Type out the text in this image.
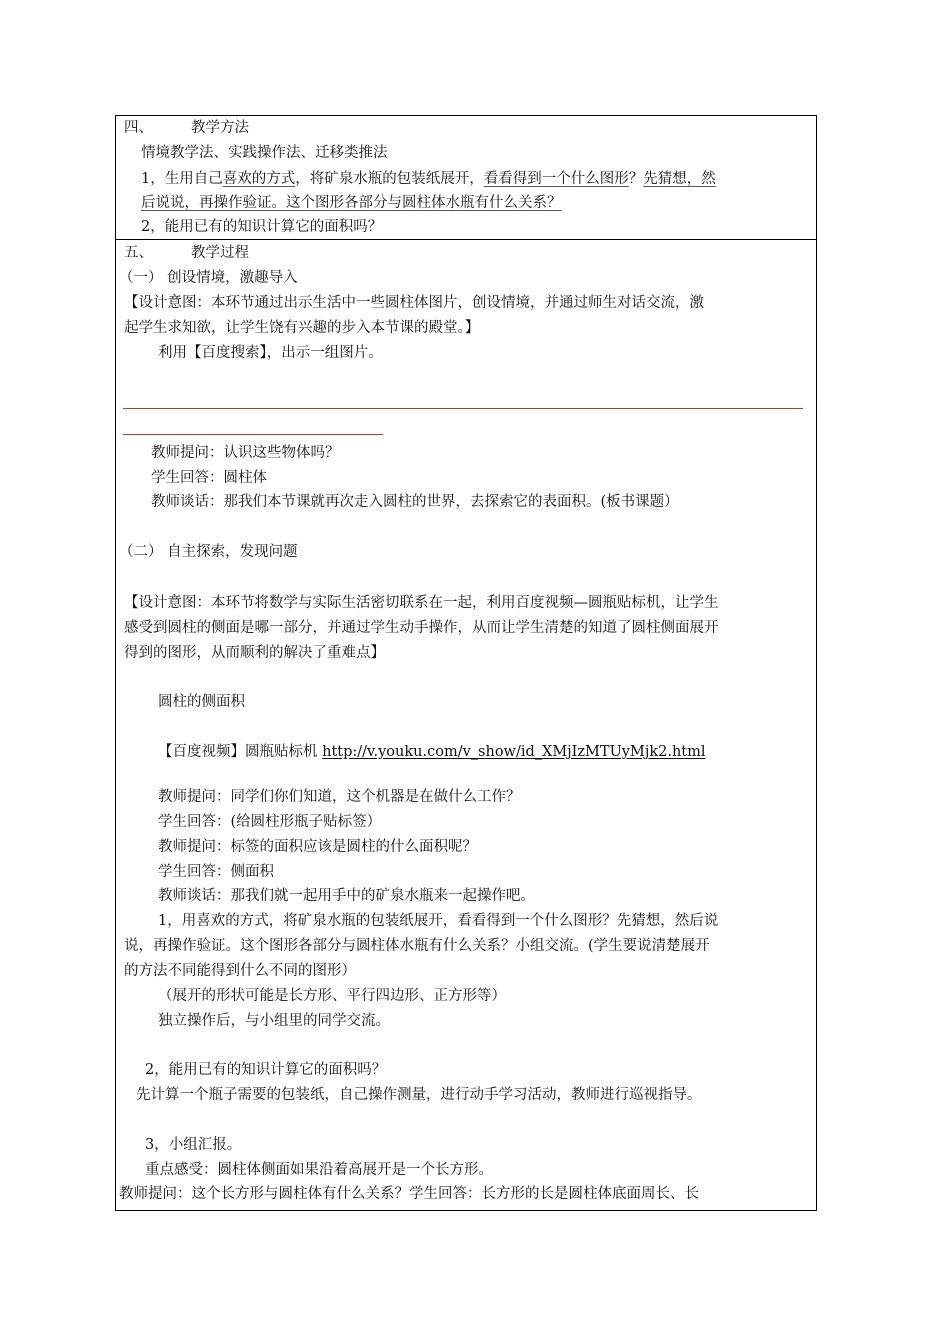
四、	教学方法
情境教学法、实践操作法、迁移类推法
1，生用自己喜欢的方式，将矿泉水瓶的包装纸展开，看看得到一个什么图形？先猜想，然
后说说，再操作验证。这个图形各部分与圆柱体水瓶有什么关系？
2，能用已有的知识计算它的面积吗？
五、	教学过程
（一） 创设情境，激趣导入
【设计意图：本环节通过出示生活中一些圆柱体图片，创设情境，并通过师生对话交流，激
起学生求知欲，让学生饶有兴趣的步入本节课的殿堂。】
利用【百度搜索】，出示一组图片。
教师提问：认识这些物体吗？
学生回答：圆柱体
教师谈话：那我们本节课就再次走入圆柱的世界，去探索它的表面积。(板书课题）
（二） 自主探索，发现问题
【设计意图：本环节将数学与实际生活密切联系在一起，利用百度视频—圆瓶贴标机，让学生
感受到圆柱的侧面是哪一部分，并通过学生动手操作，从而让学生清楚的知道了圆柱侧面展开
得到的图形，从而顺利的解决了重难点】
圆柱的侧面积
【百度视频】圆瓶贴标机 http://v.youku.com/v_show/id_XMjIzMTUyMjk2.html
教师提问：同学们你们知道，这个机器是在做什么工作？
学生回答：(给圆柱形瓶子贴标签）
教师提问：标签的面积应该是圆柱的什么面积呢？
学生回答：侧面积
教师谈话：那我们就一起用手中的矿泉水瓶来一起操作吧。
1，用喜欢的方式，将矿泉水瓶的包装纸展开，看看得到一个什么图形？先猜想，然后说
说，再操作验证。这个图形各部分与圆柱体水瓶有什么关系？小组交流。(学生要说清楚展开
的方法不同能得到什么不同的图形）
（展开的形状可能是长方形、平行四边形、正方形等）
独立操作后，与小组里的同学交流。
2，能用已有的知识计算它的面积吗？
先计算一个瓶子需要的包装纸，自己操作测量，进行动手学习活动，教师进行巡视指导。
3，小组汇报。
重点感受：圆柱体侧面如果沿着高展开是一个长方形。
教师提问：这个长方形与圆柱体有什么关系？学生回答：长方形的长是圆柱体底面周长、长
